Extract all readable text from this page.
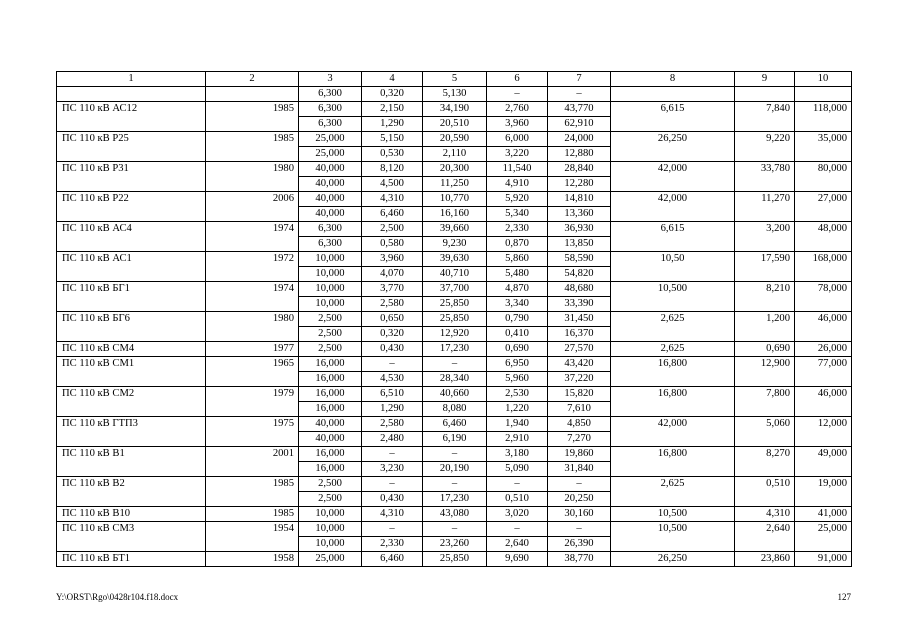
1	2	3	4	5	6	7	8	9	10
		6,300	0,320	5,130	–	–			
ПС 110 кВ АС12	1985	6,300	2,150	34,190	2,760	43,770	6,615	7,840	118,000
		6,300	1,290	20,510	3,960	62,910			
ПС 110 кВ Р25	1985	25,000	5,150	20,590	6,000	24,000	26,250	9,220	35,000
		25,000	0,530	2,110	3,220	12,880			
ПС 110 кВ Р31	1980	40,000	8,120	20,300	11,540	28,840	42,000	33,780	80,000
		40,000	4,500	11,250	4,910	12,280			
ПС 110 кВ Р22	2006	40,000	4,310	10,770	5,920	14,810	42,000	11,270	27,000
		40,000	6,460	16,160	5,340	13,360			
ПС 110 кВ АС4	1974	6,300	2,500	39,660	2,330	36,930	6,615	3,200	48,000
		6,300	0,580	9,230	0,870	13,850			
ПС 110 кВ АС1	1972	10,000	3,960	39,630	5,860	58,590	10,50	17,590	168,000
		10,000	4,070	40,710	5,480	54,820			
ПС 110 кВ БГ1	1974	10,000	3,770	37,700	4,870	48,680	10,500	8,210	78,000
		10,000	2,580	25,850	3,340	33,390			
ПС 110 кВ БГ6	1980	2,500	0,650	25,850	0,790	31,450	2,625	1,200	46,000
		2,500	0,320	12,920	0,410	16,370			
ПС 110 кВ СМ4	1977	2,500	0,430	17,230	0,690	27,570	2,625	0,690	26,000
ПС 110 кВ СМ1	1965	16,000	–	–	6,950	43,420	16,800	12,900	77,000
		16,000	4,530	28,340	5,960	37,220			
ПС 110 кВ СМ2	1979	16,000	6,510	40,660	2,530	15,820	16,800	7,800	46,000
		16,000	1,290	8,080	1,220	7,610			
ПС 110 кВ ГТП3	1975	40,000	2,580	6,460	1,940	4,850	42,000	5,060	12,000
		40,000	2,480	6,190	2,910	7,270			
ПС 110 кВ В1	2001	16,000	–	–	3,180	19,860	16,800	8,270	49,000
		16,000	3,230	20,190	5,090	31,840			
ПС 110 кВ В2	1985	2,500	–	–	–	–	2,625	0,510	19,000
		2,500	0,430	17,230	0,510	20,250			
ПС 110 кВ В10	1985	10,000	4,310	43,080	3,020	30,160	10,500	4,310	41,000
ПС 110 кВ СМ3	1954	10,000	–	–	–	–	10,500	2,640	25,000
		10,000	2,330	23,260	2,640	26,390			
ПС 110 кВ БТ1	1958	25,000	6,460	25,850	9,690	38,770	26,250	23,860	91,000
Y:\ORST\Rgo\0428r104.f18.docx	127
